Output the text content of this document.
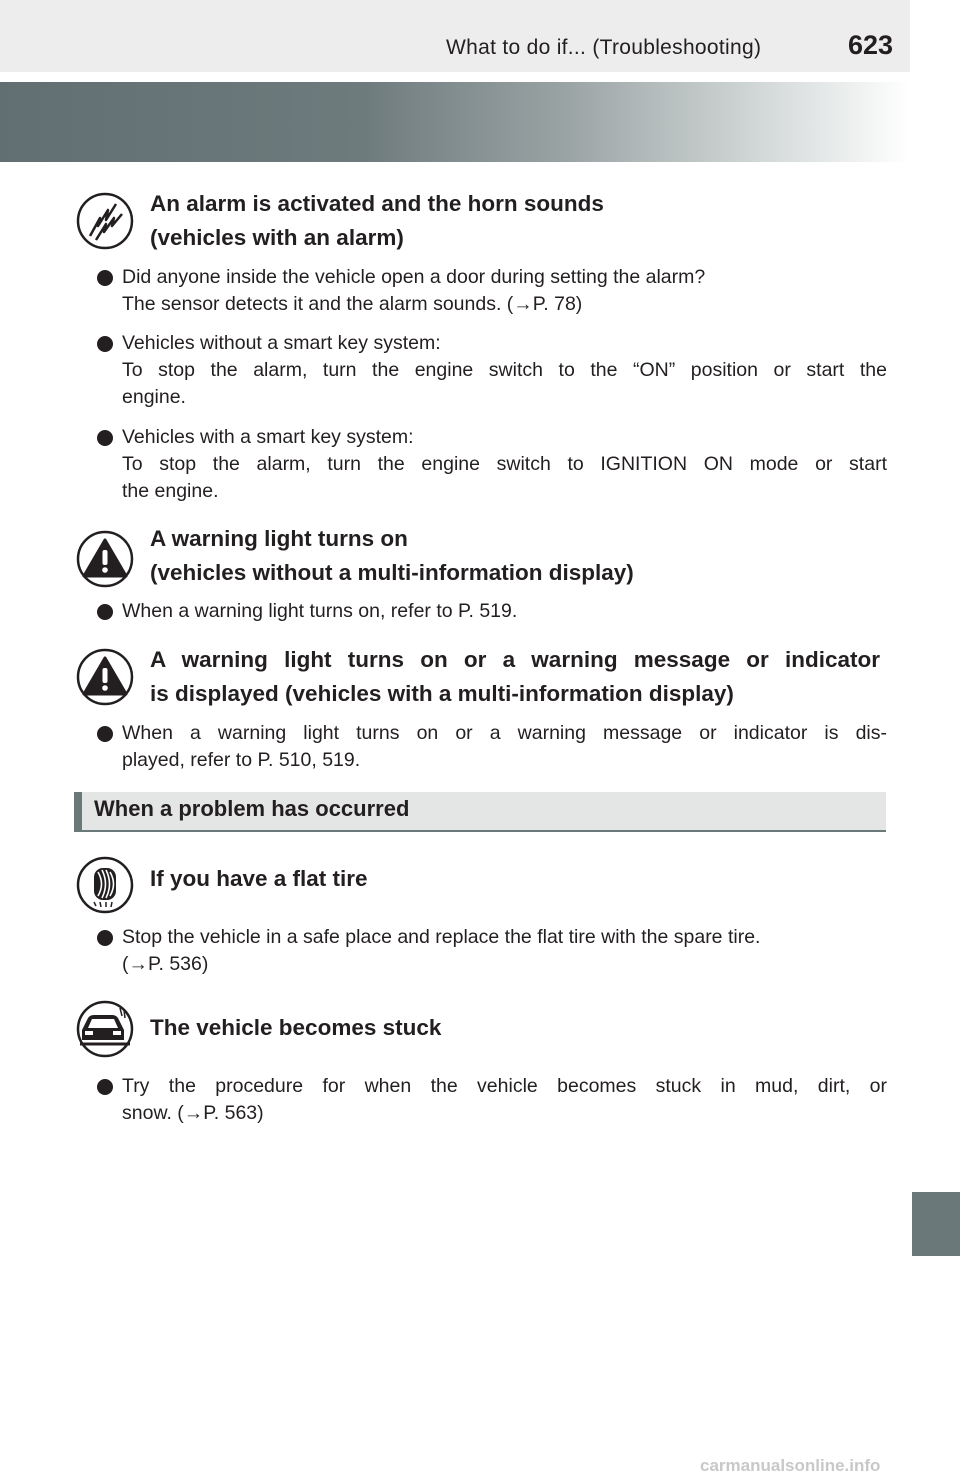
What to do if... (Troubleshooting)	623
An alarm is activated and the horn sounds
(vehicles with an alarm)
Did anyone inside the vehicle open a door during setting the alarm?
The sensor detects it and the alarm sounds. (→P. 78)
Vehicles without a smart key system:
To stop the alarm, turn the engine switch to the “ON” position or start the
engine.
Vehicles with a smart key system:
To stop the alarm, turn the engine switch to IGNITION ON mode or start
the engine.
A warning light turns on
(vehicles without a multi-information display)
When a warning light turns on, refer to P. 519.
A warning light turns on or a warning message or indicator
is displayed (vehicles with a multi-information display)
When a warning light turns on or a warning message or indicator is dis-
played, refer to P. 510, 519.
When a problem has occurred
If you have a flat tire
Stop the vehicle in a safe place and replace the flat tire with the spare tire.
(→P. 536)
The vehicle becomes stuck
Try the procedure for when the vehicle becomes stuck in mud, dirt, or
snow. (→P. 563)
carmanualsonline.info
